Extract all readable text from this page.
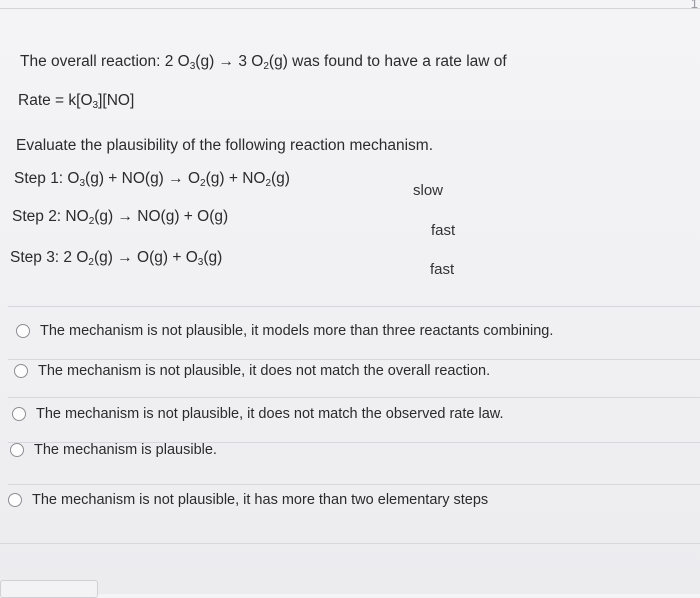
1
The overall reaction: 2 $O_3(g) \to 3$ $O_2(g)$ was found to have a rate law of
Rate = $k[O_3][NO]$
Evaluate the plausibility of the following reaction mechanism.
Step 1: $O_3(g) + NO(g) \to O_2(g) + NO_2(g)$
slow
Step 2: $NO_2(g) \to NO(g) + O(g)$
fast
Step 3: 2 $O_2(g) \to O(g) + O_3(g)$
fast
The mechanism is not plausible, it models more than three reactants combining.
The mechanism is not plausible, it does not match the overall reaction.
The mechanism is not plausible, it does not match the observed rate law.
The mechanism is plausible.
The mechanism is not plausible, it has more than two elementary steps
